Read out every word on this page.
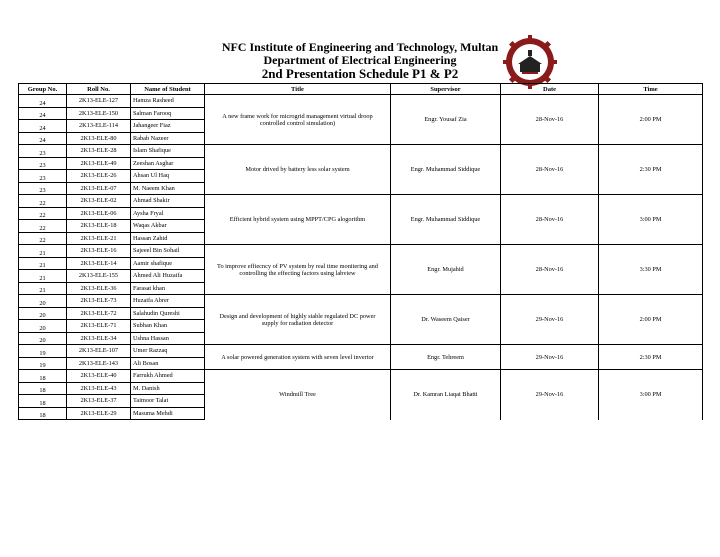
NFC Institute of Engineering and Technology, Multan
Department of Electrical Engineering
2nd Presentation Schedule P1 & P2
Group No.	Roll No.	Name of Student	Title	Supervisor	Date	Time
24	2K13-ELE-127	Hamza Rasheed	A new frame work for microgrid management virtual droop controlled control simulation)	Engr. Yousaf Zia	28-Nov-16	2:00 PM
24	2K13-ELE-150	Salman Farooq				
24	2K13-ELE-114	Jahangeer Fiaz				
24	2K13-ELE-80	Rabab Nazeer				
23	2K13-ELE-28	Islam Shafique	Motor drived by battery less solar system	Engr. Muhammad Siddique	28-Nov-16	2:30 PM
23	2K13-ELE-49	Zeeshan Asghar				
23	2K13-ELE-26	Ahsan Ul Haq				
23	2K13-ELE-07	M. Naeem Khan				
22	2K13-ELE-02	Ahmad Shakir	Efficient hybrid system using MPPT/CPG alogorithm	Engr. Muhammad Siddique	28-Nov-16	3:00 PM
22	2K13-ELE-06	Aysha Fryal				
22	2K13-ELE-18	Waqas Akbar				
22	2K13-ELE-21	Hassan Zahid				
21	2K13-ELE-16	Sajeeel Bin Sohail	To improve effiecncy of PV system by real time monitering and controlling the effecting factors using labview	Engr. Mujahid	28-Nov-16	3:30 PM
21	2K13-ELE-14	Aamir shafique				
21	2K13-ELE-155	Ahmed Ali Huzaifa				
21	2K13-ELE-36	Farasat khan				
20	2K13-ELE-73	Huzaifa Abrer	Design and development of highly stable regulated DC power supply for radiation detector	Dr. Waseem Qaiser	29-Nov-16	2:00 PM
20	2K13-ELE-72	Salahudin Qureshi				
20	2K13-ELE-71	Subhan Khan				
20	2K13-ELE-34	Ushna Hassan				
19	2K13-ELE-107	Umer Razzaq	A solar powered generation system with seven level invertor	Engr. Tehreem	29-Nov-16	2:30 PM
19	2K13-ELE-143	Ali Bosan				
18	2K13-ELE-40	Farrukh Ahmed	Windmill Tree	Dr. Kamran Liaqat Bhatti	29-Nov-16	3:00 PM
18	2K13-ELE-43	M. Danish				
18	2K13-ELE-37	Taimoor Talat				
18	2K13-ELE-29	Masuma Mehdi				
